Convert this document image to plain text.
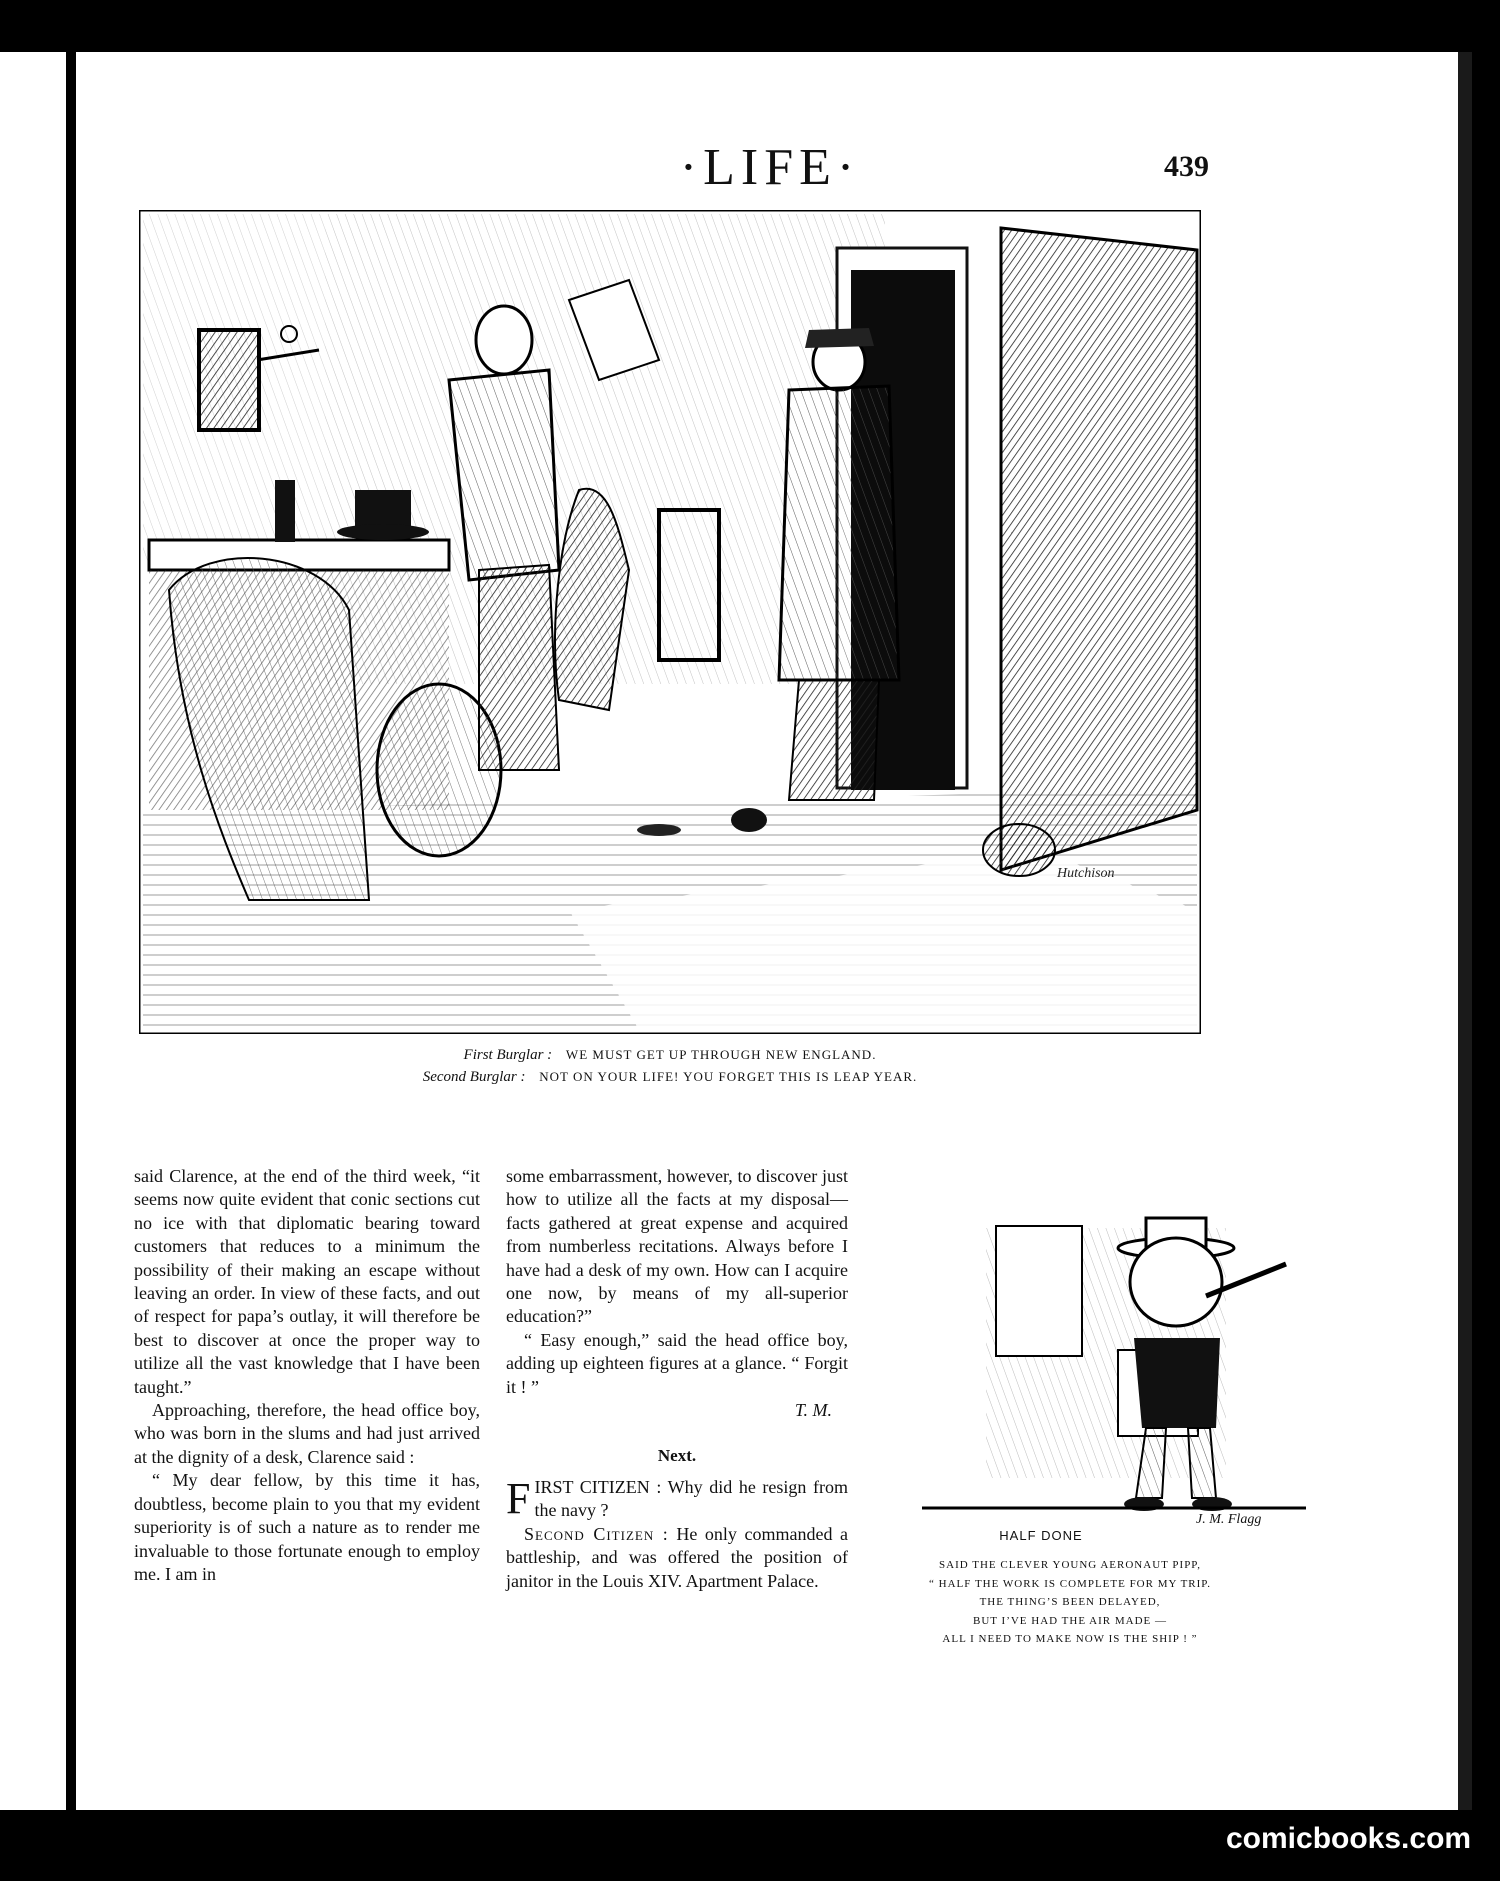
·LIFE·	439
Hutchison
First Burglar : WE MUST GET UP THROUGH NEW ENGLAND.
Second Burglar : NOT ON YOUR LIFE! YOU FORGET THIS IS LEAP YEAR.

said Clarence, at the end of the third week, “it seems now quite evident that conic sections cut no ice with that diplomatic bearing toward customers that reduces to a minimum the possibility of their making an escape without leaving an order. In view of these facts, and out of respect for papa’s outlay, it will therefore be best to discover at once the proper way to utilize all the vast knowledge that I have been taught.”

Approaching, therefore, the head office boy, who was born in the slums and had just arrived at the dignity of a desk, Clarence said :

“ My dear fellow, by this time it has, doubtless, become plain to you that my evident superiority is of such a nature as to render me invaluable to those fortunate enough to employ me. I am in

some embarrassment, however, to discover just how to utilize all the facts at my disposal—facts gathered at great expense and acquired from numberless recitations. Always before I have had a desk of my own. How can I acquire one now, by means of my all-superior education?”

“ Easy enough,” said the head office boy, adding up eighteen figures at a glance. “ Forgit it ! ”

T. M.
Next.

FIRST CITIZEN : Why did he resign from the navy ?

Second Citizen : He only commanded a battleship, and was offered the position of janitor in the Louis XIV. Apartment Palace.

J. M. Flagg
HALF DONE
SAID THE CLEVER YOUNG AERONAUT PIPP,
“ HALF THE WORK IS COMPLETE FOR MY TRIP.
THE THING’S BEEN DELAYED,
BUT I’VE HAD THE AIR MADE —
ALL I NEED TO MAKE NOW IS THE SHIP ! ”
comicbooks.com
